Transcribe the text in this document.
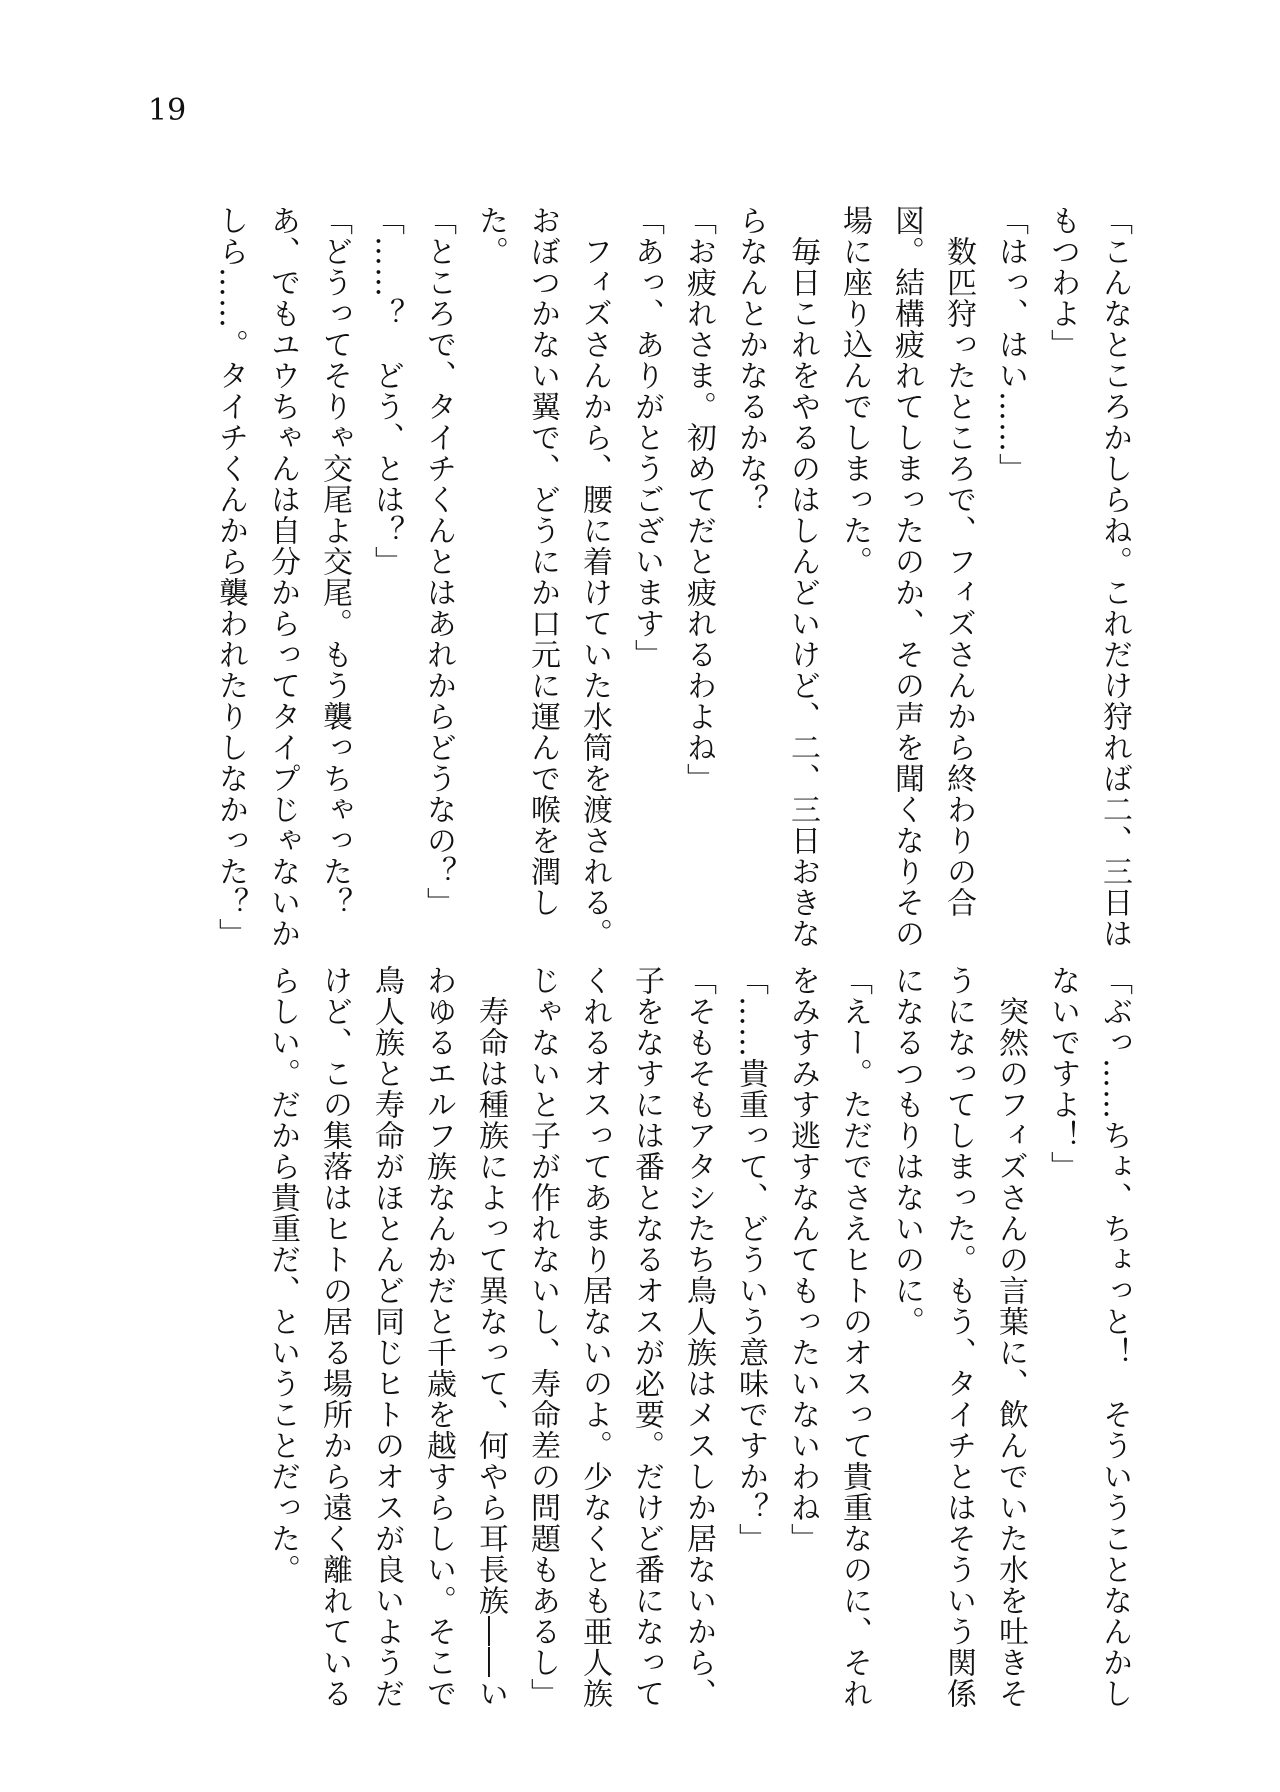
19
「こんなところかしらね。これだけ狩れば二、三日は
もつわよ」
「はっ、はい……」
　数匹狩ったところで、フィズさんから終わりの合
図。結構疲れてしまったのか、その声を聞くなりその
場に座り込んでしまった。
　毎日これをやるのはしんどいけど、二、三日おきな
らなんとかなるかな？
「お疲れさま。初めてだと疲れるわよね」
「あっ、ありがとうございます」
　フィズさんから、腰に着けていた水筒を渡される。
おぼつかない翼で、どうにか口元に運んで喉を潤し
た。
「ところで、タイチくんとはあれからどうなの？」
「……？　どう、とは？」
「どうってそりゃ交尾よ交尾。もう襲っちゃった？
あ、でもユウちゃんは自分からってタイプじゃないか
しら……。タイチくんから襲われたりしなかった？」
「ぶっ……ちょ、ちょっと！　そういうことなんかし
ないですよ！」
　突然のフィズさんの言葉に、飲んでいた水を吐きそ
うになってしまった。もう、タイチとはそういう関係
になるつもりはないのに。
「えー。ただでさえヒトのオスって貴重なのに、それ
をみすみす逃すなんてもったいないわね」
「……貴重って、どういう意味ですか？」
「そもそもアタシたち鳥人族はメスしか居ないから、
子をなすには番となるオスが必要。だけど番になって
くれるオスってあまり居ないのよ。少なくとも亜人族
じゃないと子が作れないし、寿命差の問題もあるし」
　寿命は種族によって異なって、何やら耳長族――い
わゆるエルフ族なんかだと千歳を越すらしい。そこで
鳥人族と寿命がほとんど同じヒトのオスが良いようだ
けど、この集落はヒトの居る場所から遠く離れている
らしい。だから貴重だ、ということだった。
